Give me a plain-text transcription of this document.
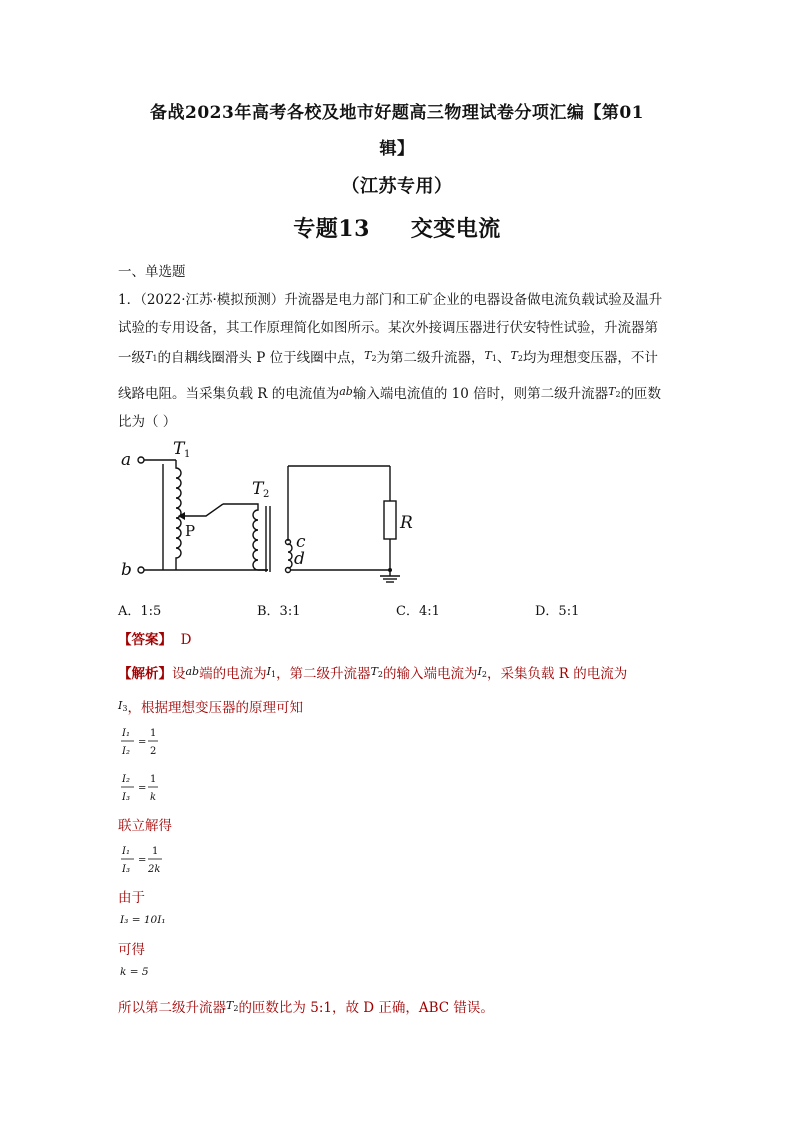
备战2023年高考各校及地市好题高三物理试卷分项汇编【第01
辑】
（江苏专用）
专题13     交变电流
一、单选题
1．（2022·江苏·模拟预测）升流器是电力部门和工矿企业的电器设备做电流负载试验及温升
试验的专用设备，其工作原理简化如图所示。某次外接调压器进行伏安特性试验，升流器第
一级$^{T_1}$的自耦线圈滑头 P 位于线圈中点，$^{T_2}$为第二级升流器，$^{T_1}$、$^{T_2}$均为理想变压器，不计
线路电阻。当采集负载 R 的电流值为$^{ab}$输入端电流值的 10 倍时，则第二级升流器$^{T_2}$的匝数
比为（ ）
a
b
T
T
c
d
R
1
2
P
A．1:5	B．3:1	C．4:1	D．5:1
【答案】 D
【解析】设$^{ab}$端的电流为$^{I_1}$，第二级升流器$^{T_2}$的输入端电流为$^{I_2}$，采集负载 R 的电流为
$^{I_3}$，根据理想变压器的原理可知
I₁
I₂
=
1
2
I₂
I₃
=
1
k
联立解得
I₁
I₃
=
1
2k
由于
I₃ = 10I₁
可得
k = 5
所以第二级升流器$^{T_2}$的匝数比为 5:1，故 D 正确，ABC 错误。
